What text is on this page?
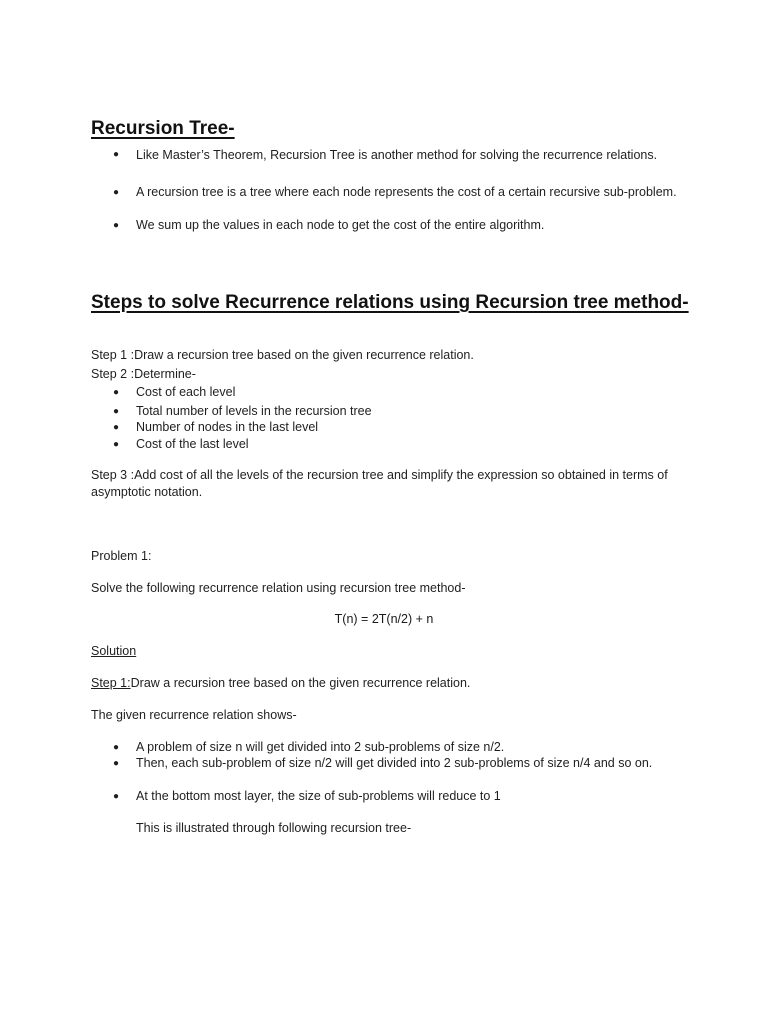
Recursion Tree-
● Like Master’s Theorem, Recursion Tree is another method for solving the recurrence relations.
● A recursion tree is a tree where each node represents the cost of a certain recursive sub-problem.
● We sum up the values in each node to get the cost of the entire algorithm.
Steps to solve Recurrence relations using Recursion tree method-
Step 1 :Draw a recursion tree based on the given recurrence relation.
Step 2 :Determine-
● Cost of each level
● Total number of levels in the recursion tree
● Number of nodes in the last level
● Cost of the last level
Step 3 :Add cost of all the levels of the recursion tree and simplify the expression so obtained in terms of asymptotic notation.
Problem 1:
Solve the following recurrence relation using recursion tree method-
T(n) = 2T(n/2) + n
Solution
Step 1:Draw a recursion tree based on the given recurrence relation.
The given recurrence relation shows-
● A problem of size n will get divided into 2 sub-problems of size n/2.
● Then, each sub-problem of size n/2 will get divided into 2 sub-problems of size n/4 and so on.
● At the bottom most layer, the size of sub-problems will reduce to 1
This is illustrated through following recursion tree-
